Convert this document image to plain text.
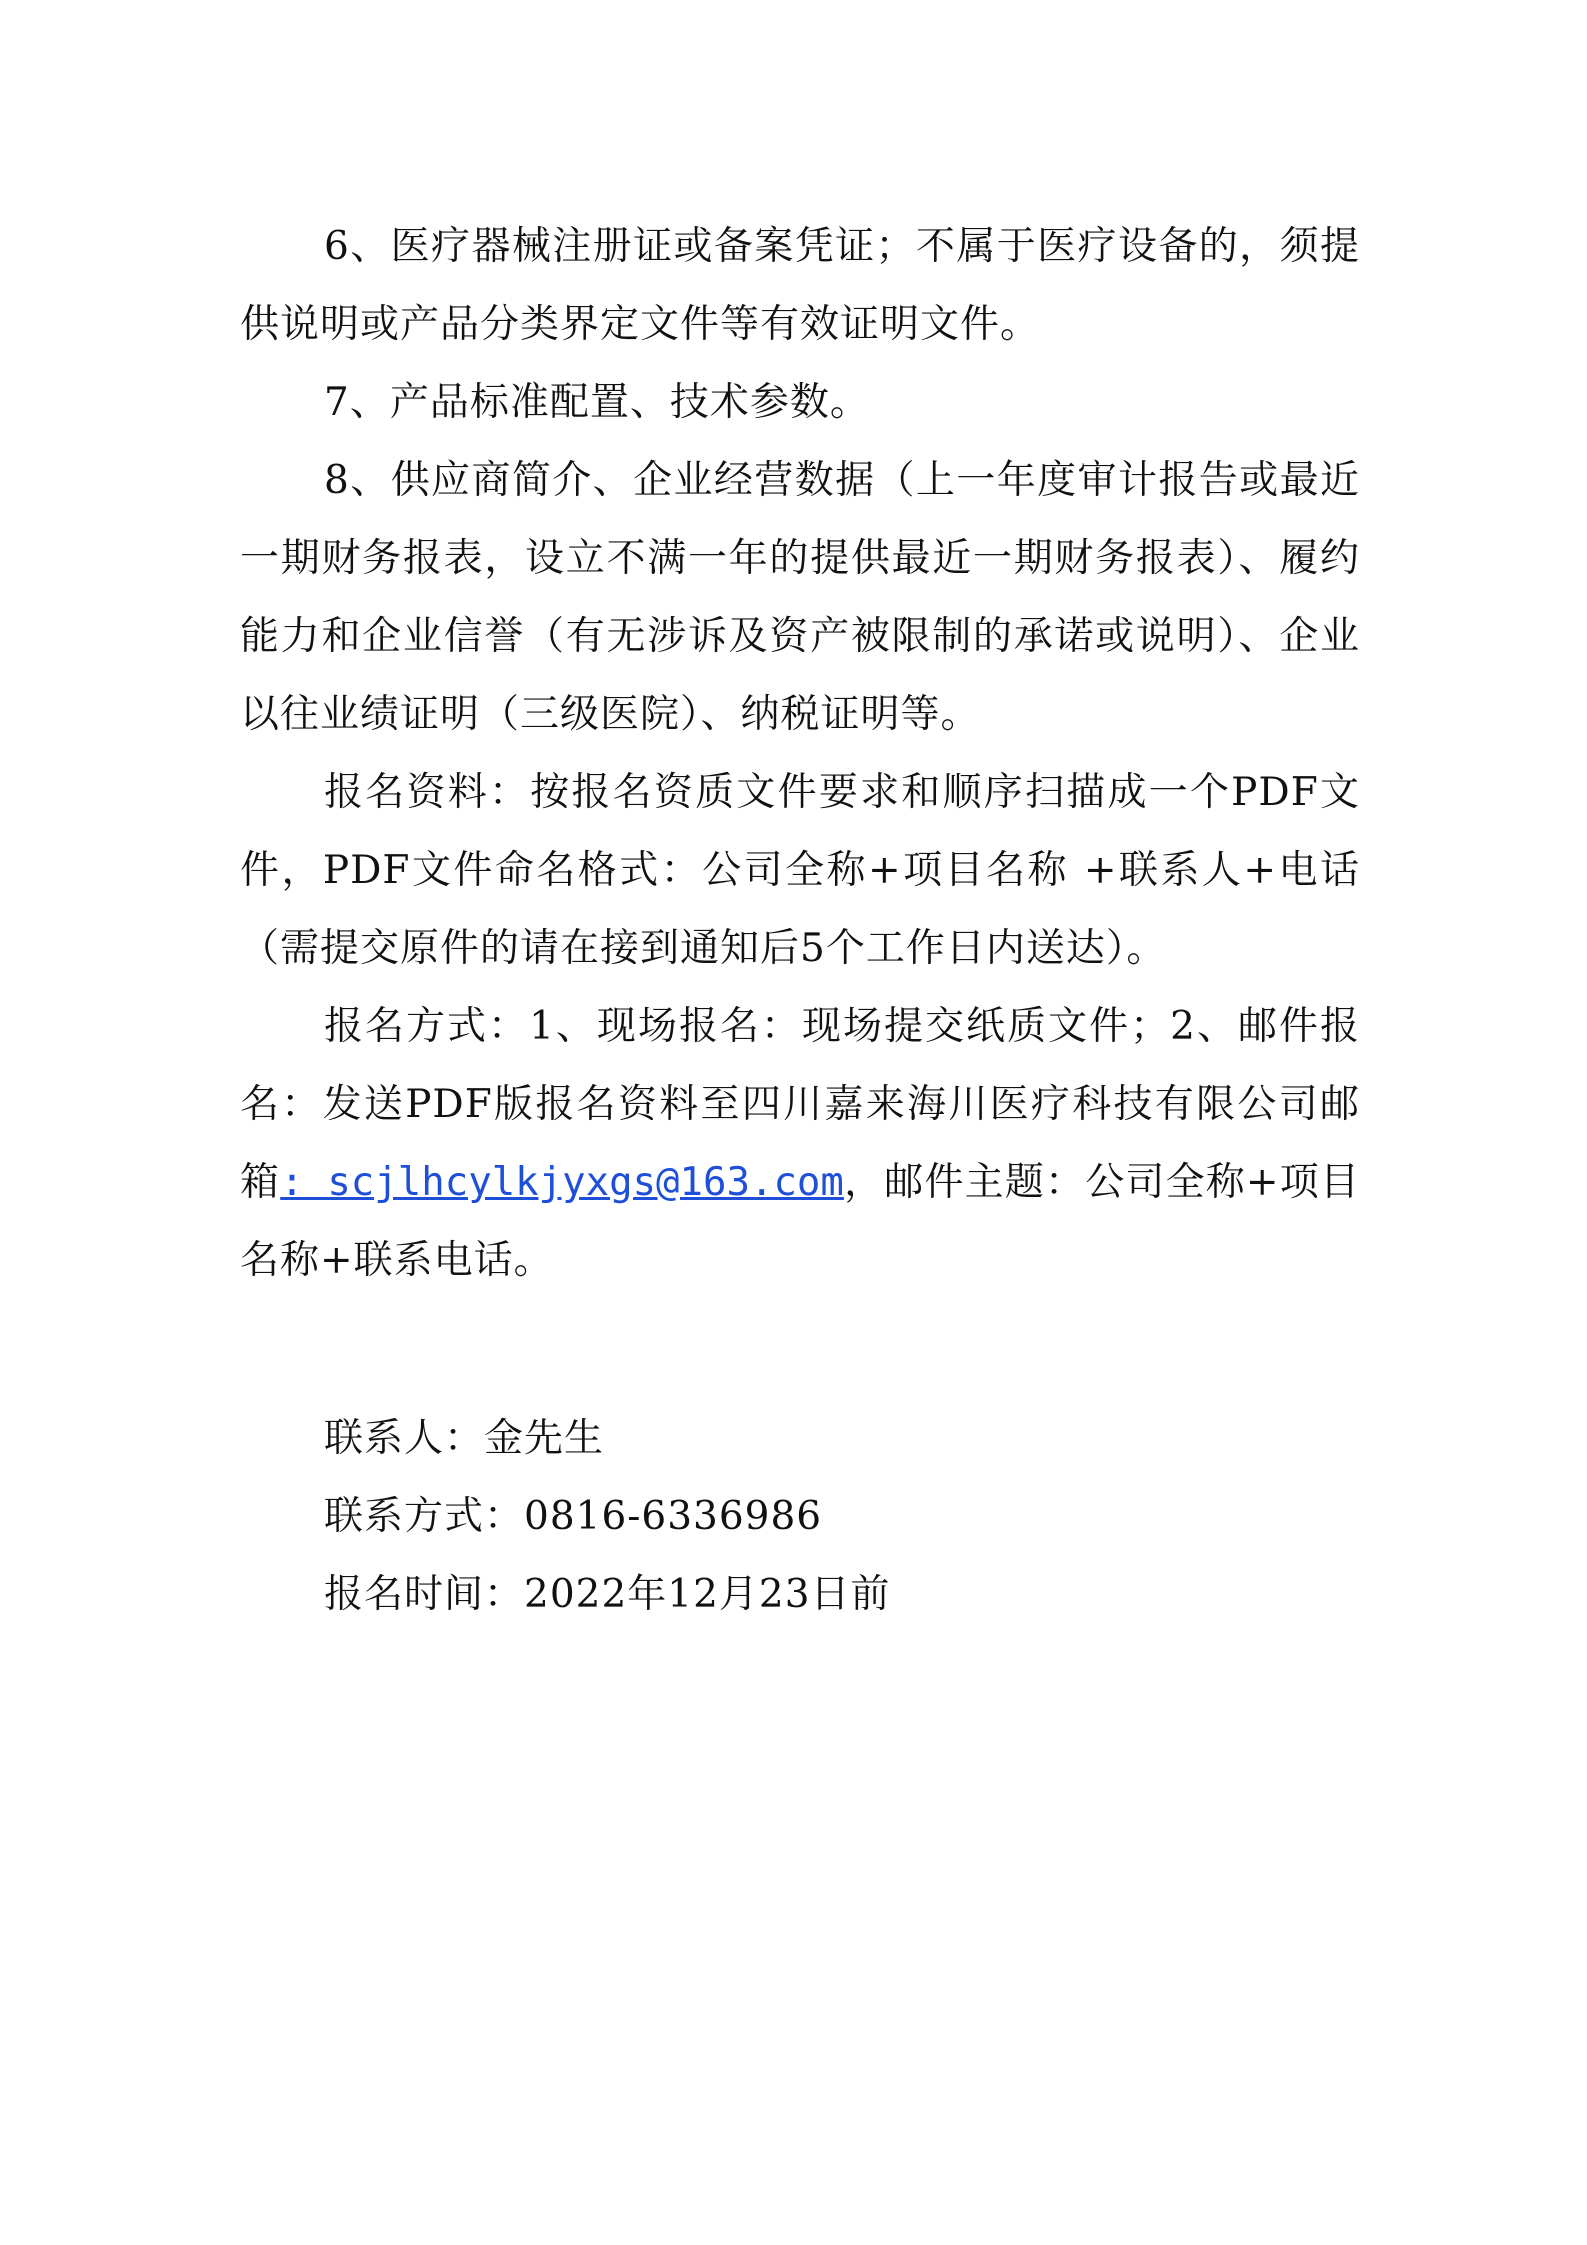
6、医疗器械注册证或备案凭证；不属于医疗设备的，须提供说明或产品分类界定文件等有效证明文件。

7、产品标准配置、技术参数。

8、供应商简介、企业经营数据（上一年度审计报告或最近一期财务报表，设立不满一年的提供最近一期财务报表）、履约能力和企业信誉（有无涉诉及资产被限制的承诺或说明）、企业以往业绩证明（三级医院）、纳税证明等。

报名资料：按报名资质文件要求和顺序扫描成一个PDF文件，PDF文件命名格式：公司全称+项目名称 +联系人+电话（需提交原件的请在接到通知后5个工作日内送达）。

报名方式：1、现场报名：现场提交纸质文件；2、邮件报名：发送PDF版报名资料至四川嘉来海川医疗科技有限公司邮箱: scjlhcylkjyxgs@163.com，邮件主题：公司全称+项目名称+联系电话。

联系人：金先生

联系方式：0816-6336986

报名时间：2022年12月23日前
